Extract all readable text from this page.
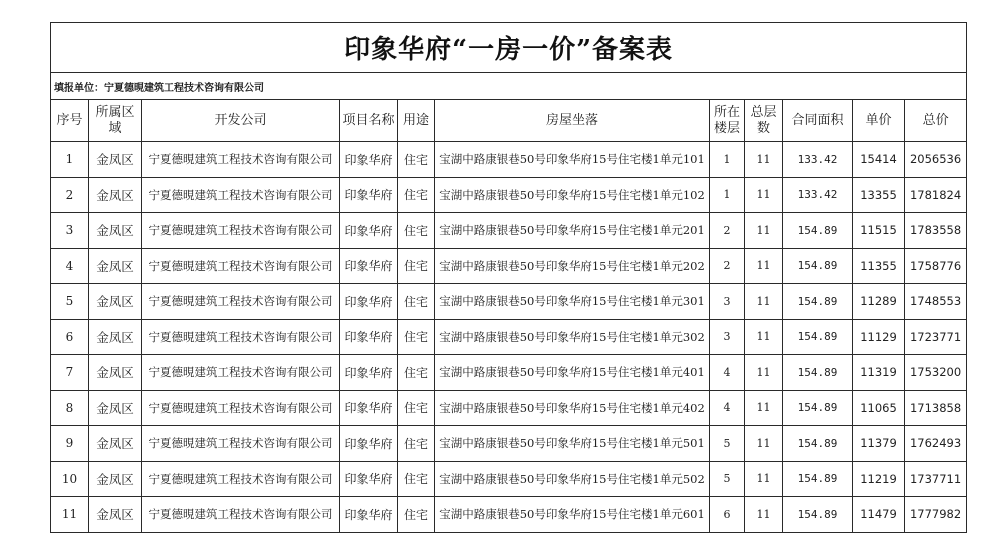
印象华府“一房一价”备案表										
填报单位：宁夏德晛建筑工程技术咨询有限公司										
序号	所属区域	开发公司	项目名称	用途	房屋坐落	所在楼层	总层数	合同面积	单价	总价
1	金凤区	宁夏德晛建筑工程技术咨询有限公司	印象华府	住宅	宝湖中路康银巷50号印象华府15号住宅楼1单元101	1	11	133.42	15414	2056536
2	金凤区	宁夏德晛建筑工程技术咨询有限公司	印象华府	住宅	宝湖中路康银巷50号印象华府15号住宅楼1单元102	1	11	133.42	13355	1781824
3	金凤区	宁夏德晛建筑工程技术咨询有限公司	印象华府	住宅	宝湖中路康银巷50号印象华府15号住宅楼1单元201	2	11	154.89	11515	1783558
4	金凤区	宁夏德晛建筑工程技术咨询有限公司	印象华府	住宅	宝湖中路康银巷50号印象华府15号住宅楼1单元202	2	11	154.89	11355	1758776
5	金凤区	宁夏德晛建筑工程技术咨询有限公司	印象华府	住宅	宝湖中路康银巷50号印象华府15号住宅楼1单元301	3	11	154.89	11289	1748553
6	金凤区	宁夏德晛建筑工程技术咨询有限公司	印象华府	住宅	宝湖中路康银巷50号印象华府15号住宅楼1单元302	3	11	154.89	11129	1723771
7	金凤区	宁夏德晛建筑工程技术咨询有限公司	印象华府	住宅	宝湖中路康银巷50号印象华府15号住宅楼1单元401	4	11	154.89	11319	1753200
8	金凤区	宁夏德晛建筑工程技术咨询有限公司	印象华府	住宅	宝湖中路康银巷50号印象华府15号住宅楼1单元402	4	11	154.89	11065	1713858
9	金凤区	宁夏德晛建筑工程技术咨询有限公司	印象华府	住宅	宝湖中路康银巷50号印象华府15号住宅楼1单元501	5	11	154.89	11379	1762493
10	金凤区	宁夏德晛建筑工程技术咨询有限公司	印象华府	住宅	宝湖中路康银巷50号印象华府15号住宅楼1单元502	5	11	154.89	11219	1737711
11	金凤区	宁夏德晛建筑工程技术咨询有限公司	印象华府	住宅	宝湖中路康银巷50号印象华府15号住宅楼1单元601	6	11	154.89	11479	1777982
